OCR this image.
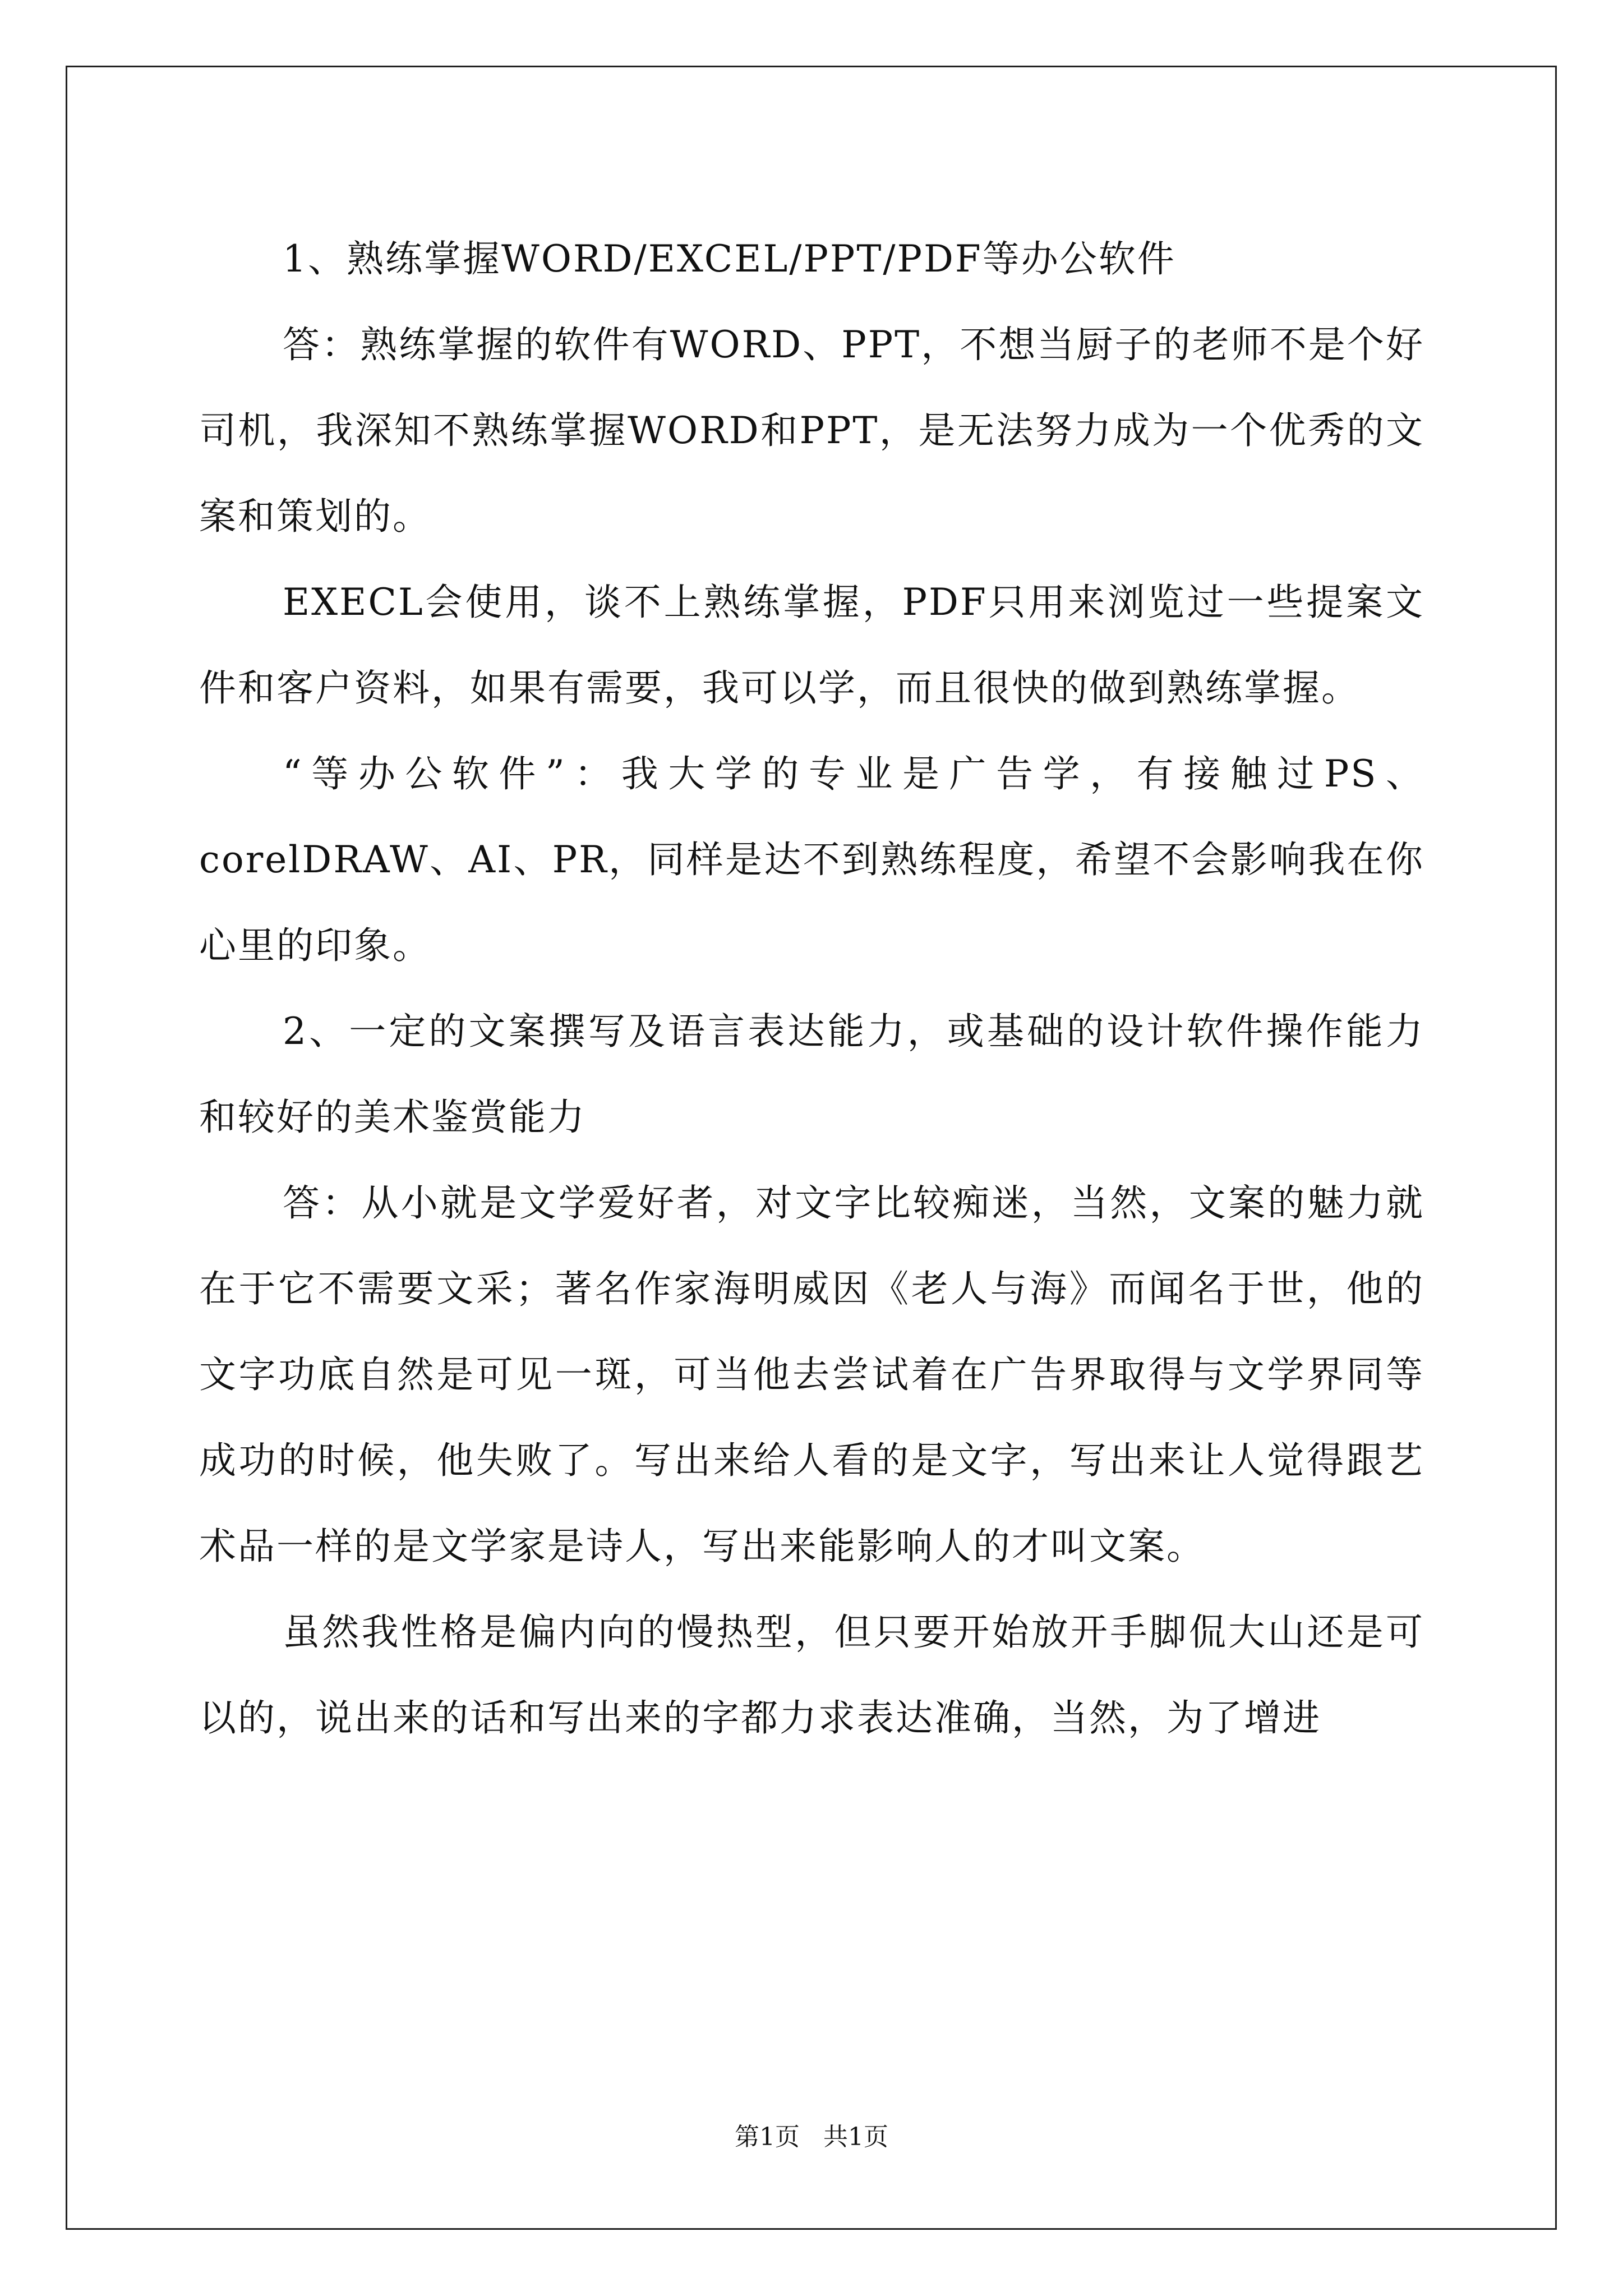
1、熟练掌握WORD/EXCEL/PPT/PDF等办公软件

答：熟练掌握的软件有WORD、PPT，不想当厨子的老师不是个好司机，我深知不熟练掌握WORD和PPT，是无法努力成为一个优秀的文案和策划的。

EXECL会使用，谈不上熟练掌握，PDF只用来浏览过一些提案文件和客户资料，如果有需要，我可以学，而且很快的做到熟练掌握。

“等办公软件”：我大学的专业是广告学，有接触过PS、corelDRAW、AI、PR，同样是达不到熟练程度，希望不会影响我在你心里的印象。

2、一定的文案撰写及语言表达能力，或基础的设计软件操作能力和较好的美术鉴赏能力

答：从小就是文学爱好者，对文字比较痴迷，当然，文案的魅力就在于它不需要文采；著名作家海明威因《老人与海》而闻名于世，他的文字功底自然是可见一斑，可当他去尝试着在广告界取得与文学界同等成功的时候，他失败了。写出来给人看的是文字，写出来让人觉得跟艺术品一样的是文学家是诗人，写出来能影响人的才叫文案。

虽然我性格是偏内向的慢热型，但只要开始放开手脚侃大山还是可以的，说出来的话和写出来的字都力求表达准确，当然，为了增进

第1页 共1页
